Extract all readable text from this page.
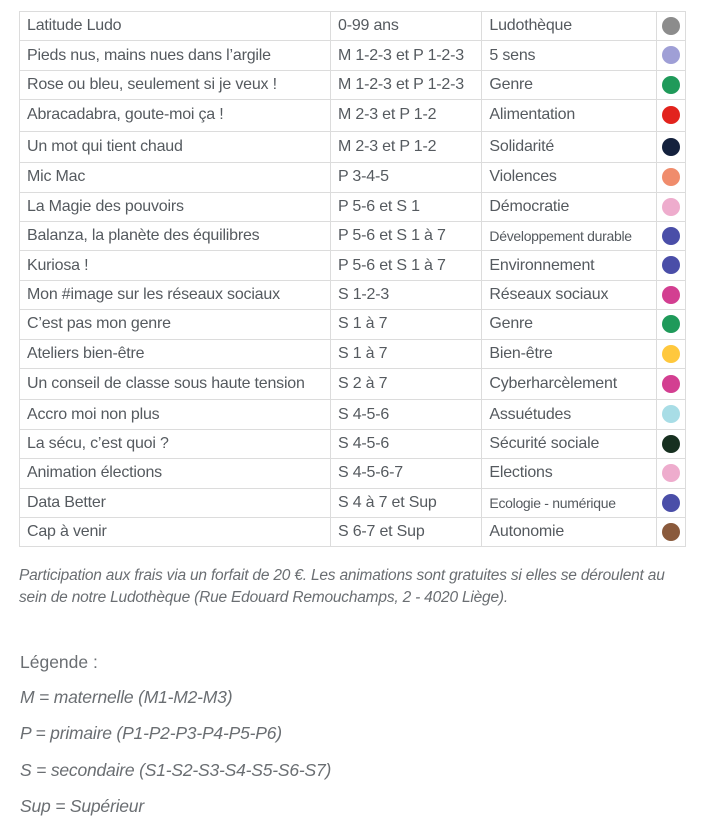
Latitude Ludo	0-99 ans	Ludothèque	
Pieds nus, mains nues dans l’argile	M 1-2-3 et P 1-2-3	5 sens	
Rose ou bleu, seulement si je veux !	M 1-2-3 et P 1-2-3	Genre	
Abracadabra, goute-moi ça !	M 2-3 et P 1-2	Alimentation	
Un mot qui tient chaud	M 2-3 et P 1-2	Solidarité	
Mic Mac	P 3-4-5	Violences	
La Magie des pouvoirs	P 5-6 et S 1	Démocratie	
Balanza, la planète des équilibres	P 5-6 et S 1 à 7	Développement durable	
Kuriosa !	P 5-6 et S 1 à 7	Environnement	
Mon #image sur les réseaux sociaux	S 1-2-3	Réseaux sociaux	
C’est pas mon genre	S 1 à 7	Genre	
Ateliers bien-être	S 1 à 7	Bien-être	
Un conseil de classe sous haute tension	S 2 à 7	Cyberharcèlement	
Accro moi non plus	S 4-5-6	Assuétudes	
La sécu, c’est quoi ?	S 4-5-6	Sécurité sociale	
Animation élections	S 4-5-6-7	Elections	
Data Better	S 4 à 7 et Sup	Ecologie - numérique	
Cap à venir	S 6-7 et Sup	Autonomie	
Participation aux frais via un forfait de 20 €. Les animations sont gratuites si elles se déroulent au sein de notre Ludothèque (Rue Edouard Remouchamps, 2 - 4020 Liège).
Légende :
M = maternelle (M1-M2-M3)
P = primaire (P1-P2-P3-P4-P5-P6)
S = secondaire (S1-S2-S3-S4-S5-S6-S7)
Sup = Supérieur
